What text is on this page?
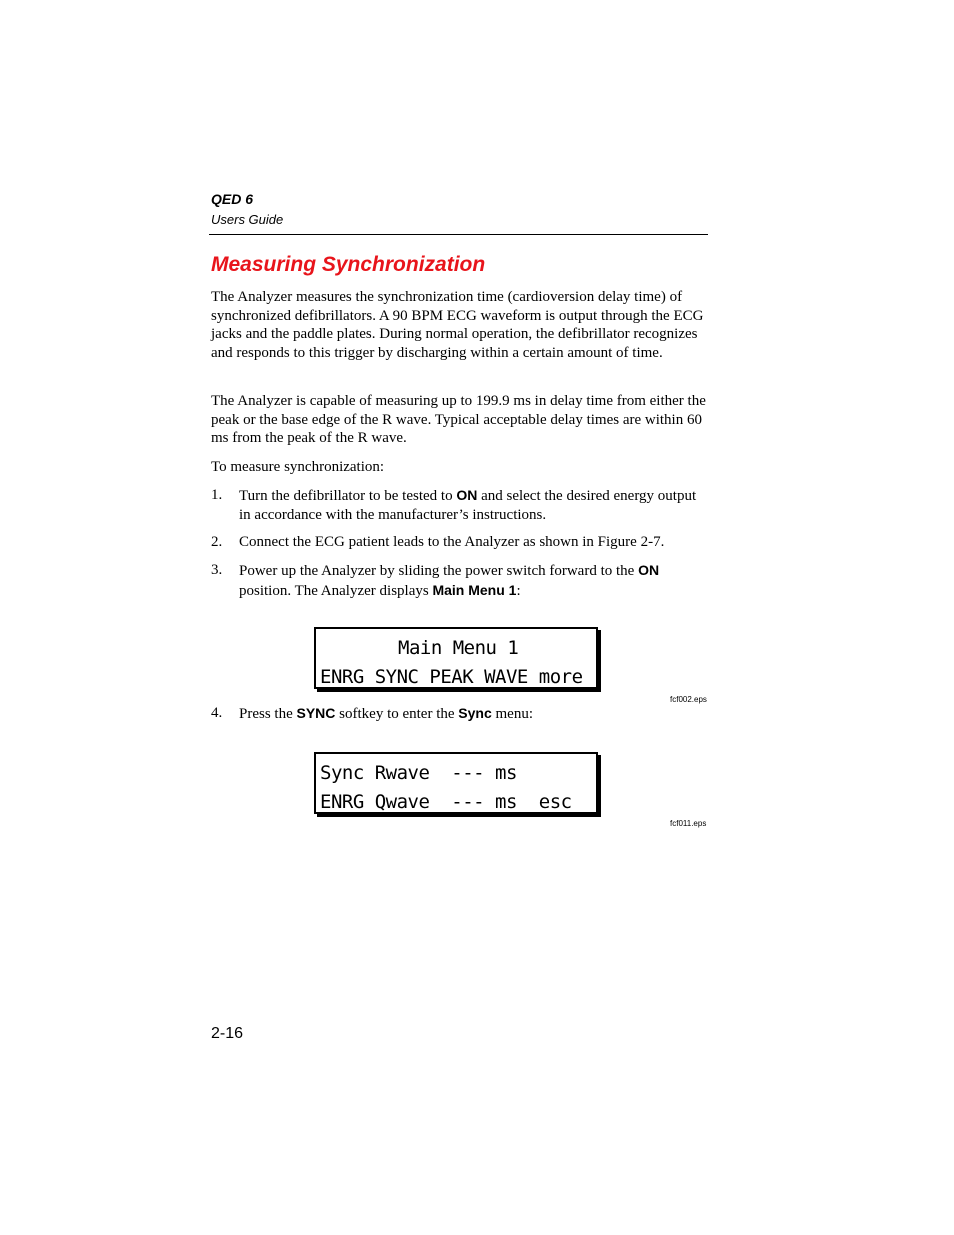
QED 6
Users Guide
Measuring Synchronization

The Analyzer measures the synchronization time (cardioversion delay time) of synchronized defibrillators. A 90 BPM ECG waveform is output through the ECG jacks and the paddle plates. During normal operation, the defibrillator recognizes and responds to this trigger by discharging within a certain amount of time.

The Analyzer is capable of measuring up to 199.9 ms in delay time from either the peak or the base edge of the R wave. Typical acceptable delay times are within 60 ms from the peak of the R wave.

To measure synchronization:

1. Turn the defibrillator to be tested to ON and select the desired energy output in accordance with the manufacturer’s instructions.
2. Connect the ECG patient leads to the Analyzer as shown in Figure 2-7.
3. Power up the Analyzer by sliding the power switch forward to the ON position. The Analyzer displays Main Menu 1:
Main Menu 1
ENRG SYNC PEAK WAVE more
fcf002.eps
4. Press the SYNC softkey to enter the Sync menu:
Sync Rwave  --- ms
ENRG Qwave  --- ms  esc
fcf011.eps
2-16
